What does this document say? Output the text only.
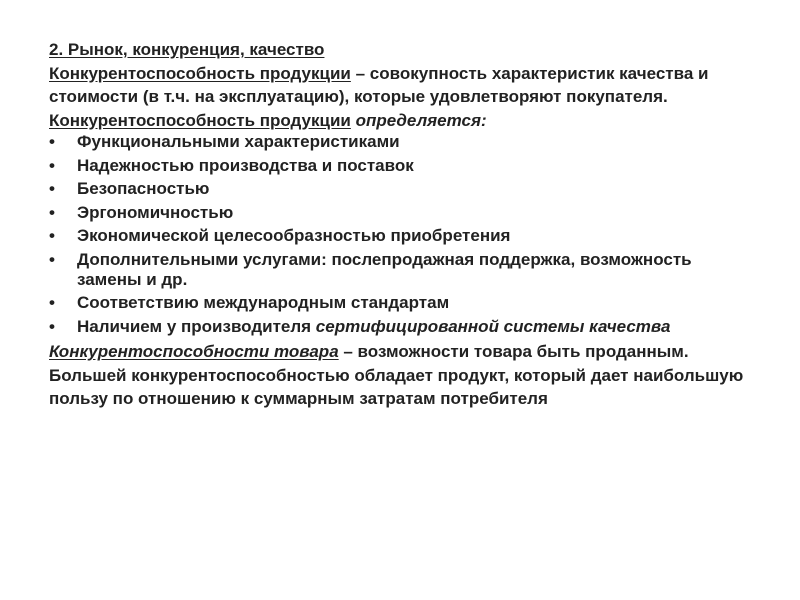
2. Рынок, конкуренция, качество

Конкурентоспособность продукции – совокупность характеристик качества и стоимости (в т.ч. на эксплуатацию), которые удовлетворяют покупателя. Конкурентоспособность продукции определяется:

•	Функциональными характеристиками
•	Надежностью производства и поставок
•	Безопасностью
•	Эргономичностью
•	Экономической целесообразностью приобретения
•	Дополнительными услугами: послепродажная поддержка, возможность замены и др.
•	Соответствию международным стандартам
•	Наличием у производителя сертифицированной системы качества

Конкурентоспособности товара – возможности товара быть проданным. Большей конкурентоспособностью обладает продукт, который дает наибольшую пользу по отношению к суммарным затратам потребителя
